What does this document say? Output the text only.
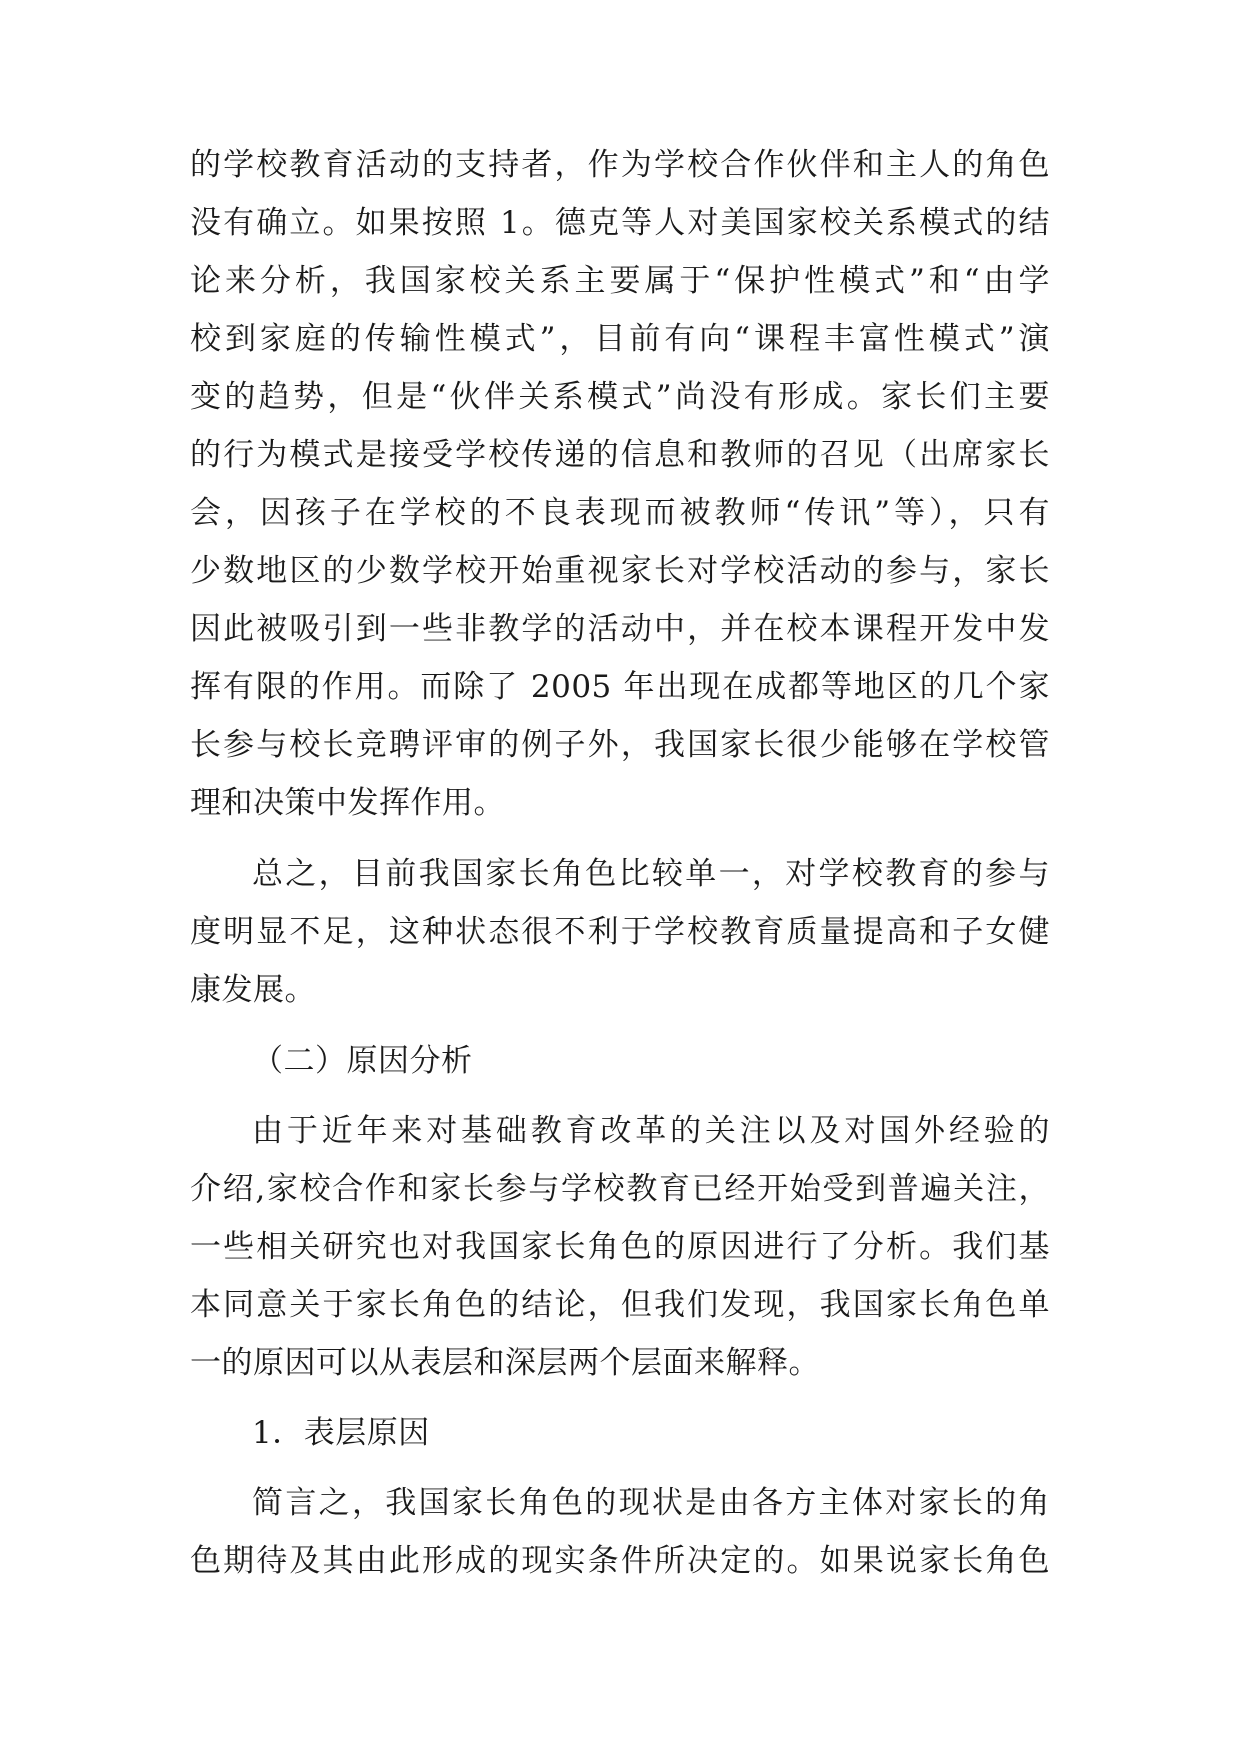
的学校教育活动的支持者，作为学校合作伙伴和主人的角色
没有确立。如果按照 1。德克等人对美国家校关系模式的结
论来分析，我国家校关系主要属于“保护性模式”和“由学
校到家庭的传输性模式”，目前有向“课程丰富性模式”演
变的趋势，但是“伙伴关系模式”尚没有形成。家长们主要
的行为模式是接受学校传递的信息和教师的召见（出席家长
会，因孩子在学校的不良表现而被教师“传讯”等），只有
少数地区的少数学校开始重视家长对学校活动的参与，家长
因此被吸引到一些非教学的活动中，并在校本课程开发中发
挥有限的作用。而除了 2005 年出现在成都等地区的几个家
长参与校长竞聘评审的例子外，我国家长很少能够在学校管
理和决策中发挥作用。
总之，目前我国家长角色比较单一，对学校教育的参与
度明显不足，这种状态很不利于学校教育质量提高和子女健
康发展。
（二）原因分析
由于近年来对基础教育改革的关注以及对国外经验的
介绍,家校合作和家长参与学校教育已经开始受到普遍关注，
一些相关研究也对我国家长角色的原因进行了分析。我们基
本同意关于家长角色的结论，但我们发现，我国家长角色单
一的原因可以从表层和深层两个层面来解释。
1．表层原因
简言之，我国家长角色的现状是由各方主体对家长的角
色期待及其由此形成的现实条件所决定的。如果说家长角色
